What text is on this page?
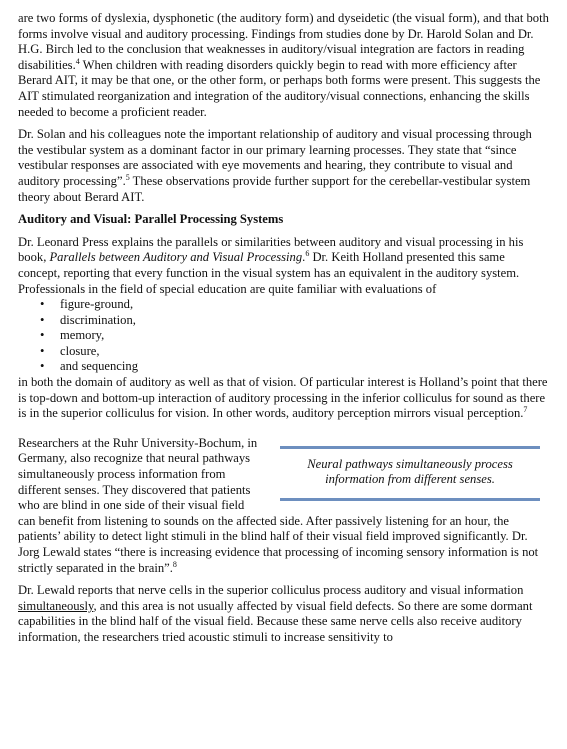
are two forms of dyslexia, dysphonetic (the auditory form) and dyseidetic (the visual form), and that both forms involve visual and auditory processing. Findings from studies done by Dr. Harold Solan and Dr. H.G. Birch led to the conclusion that weaknesses in auditory/visual integration are factors in reading disabilities.$^4$ When children with reading disorders quickly begin to read with more efficiency after Berard AIT, it may be that one, or the other form, or perhaps both forms were present. This suggests the AIT stimulated reorganization and integration of the auditory/visual connections, enhancing the skills needed to become a proficient reader.

Dr. Solan and his colleagues note the important relationship of auditory and visual processing through the vestibular system as a dominant factor in our primary learning processes. They state that “since vestibular responses are associated with eye movements and hearing, they contribute to visual and auditory processing”.$^5$ These observations provide further support for the cerebellar-vestibular system theory about Berard AIT.

Auditory and Visual: Parallel Processing Systems

Dr. Leonard Press explains the parallels or similarities between auditory and visual processing in his book, Parallels between Auditory and Visual Processing.$^6$ Dr. Keith Holland presented this same concept, reporting that every function in the visual system has an equivalent in the auditory system. Professionals in the field of special education are quite familiar with evaluations of

• figure-ground,
• discrimination,
• memory,
• closure,
• and sequencing

in both the domain of auditory as well as that of vision. Of particular interest is Holland’s point that there is top-down and bottom-up interaction of auditory processing in the inferior colliculus for sound as there is in the superior colliculus for vision. In other words, auditory perception mirrors visual perception.$^7$

Neural pathways simultaneously process information from different senses.

Researchers at the Ruhr University-Bochum, in Germany, also recognize that neural pathways simultaneously process information from different senses. They discovered that patients who are blind in one side of their visual field can benefit from listening to sounds on the affected side. After passively listening for an hour, the patients’ ability to detect light stimuli in the blind half of their visual field improved significantly. Dr. Jorg Lewald states “there is increasing evidence that processing of incoming sensory information is not strictly separated in the brain”.$^8$

Dr. Lewald reports that nerve cells in the superior colliculus process auditory and visual information simultaneously, and this area is not usually affected by visual field defects. So there are some dormant capabilities in the blind half of the visual field. Because these same nerve cells also receive auditory information, the researchers tried acoustic stimuli to increase sensitivity to
